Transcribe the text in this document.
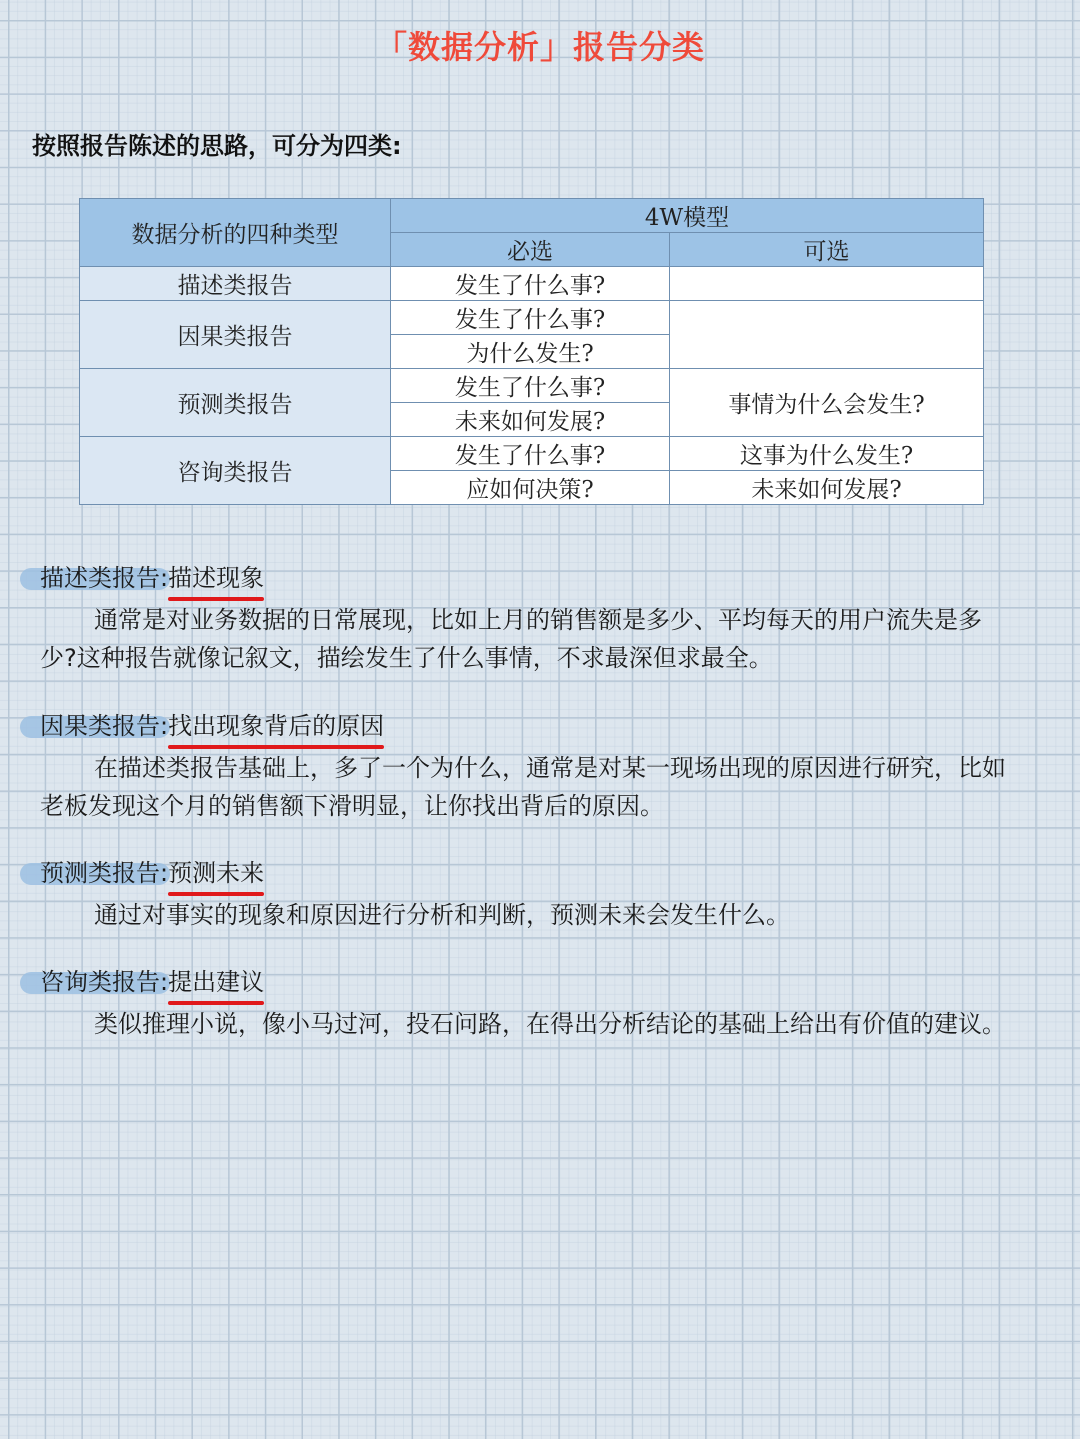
「数据分析」报告分类
按照报告陈述的思路，可分为四类:
数据分析的四种类型	4W模型	
	必选	可选
描述类报告	发生了什么事?	
因果类报告	发生了什么事?	
	为什么发生?	
预测类报告	发生了什么事?	事情为什么会发生?
	未来如何发展?	
咨询类报告	发生了什么事?	这事为什么发生?
	应如何决策?	未来如何发展?
描述类报告:描述现象
通常是对业务数据的日常展现，比如上月的销售额是多少、平均每天的用户流失是多少?这种报告就像记叙文，描绘发生了什么事情，不求最深但求最全。
因果类报告:找出现象背后的原因
在描述类报告基础上，多了一个为什么，通常是对某一现场出现的原因进行研究，比如老板发现这个月的销售额下滑明显，让你找出背后的原因。
预测类报告:预测未来
通过对事实的现象和原因进行分析和判断，预测未来会发生什么。
咨询类报告:提出建议
类似推理小说，像小马过河，投石问路，在得出分析结论的基础上给出有价值的建议。
